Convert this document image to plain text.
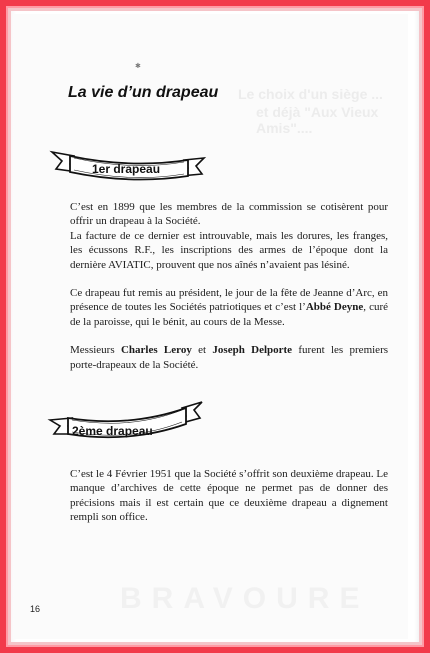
Le choix d'un siège ...
et déjà "Aux Vieux Amis"....
BRAVOURE
✱
La vie d’un drapeau
1er drapeau

C’est en 1899 que les membres de la commission se cotisèrent pour offrir un drapeau à la Société.

La facture de ce dernier est introuvable, mais les dorures, les franges, les écussons R.F., les inscriptions des armes de l’époque dont la dernière AVIATIC, prouvent que nos aînés n’avaient pas lésiné.

Ce drapeau fut remis au président, le jour de la fête de Jeanne d’Arc, en présence de toutes les Sociétés patriotiques et c’est l’Abbé Deyne, curé de la paroisse, qui le bénit, au cours de la Messe.

Messieurs Charles Leroy et Joseph Delporte furent les premiers porte-drapeaux de la Société.

2ème drapeau

C’est le 4 Février 1951 que la Société s’offrit son deuxième drapeau. Le manque d’archives de cette époque ne permet pas de donner des précisions mais il est certain que ce deuxième drapeau a dignement rempli son office.

16
